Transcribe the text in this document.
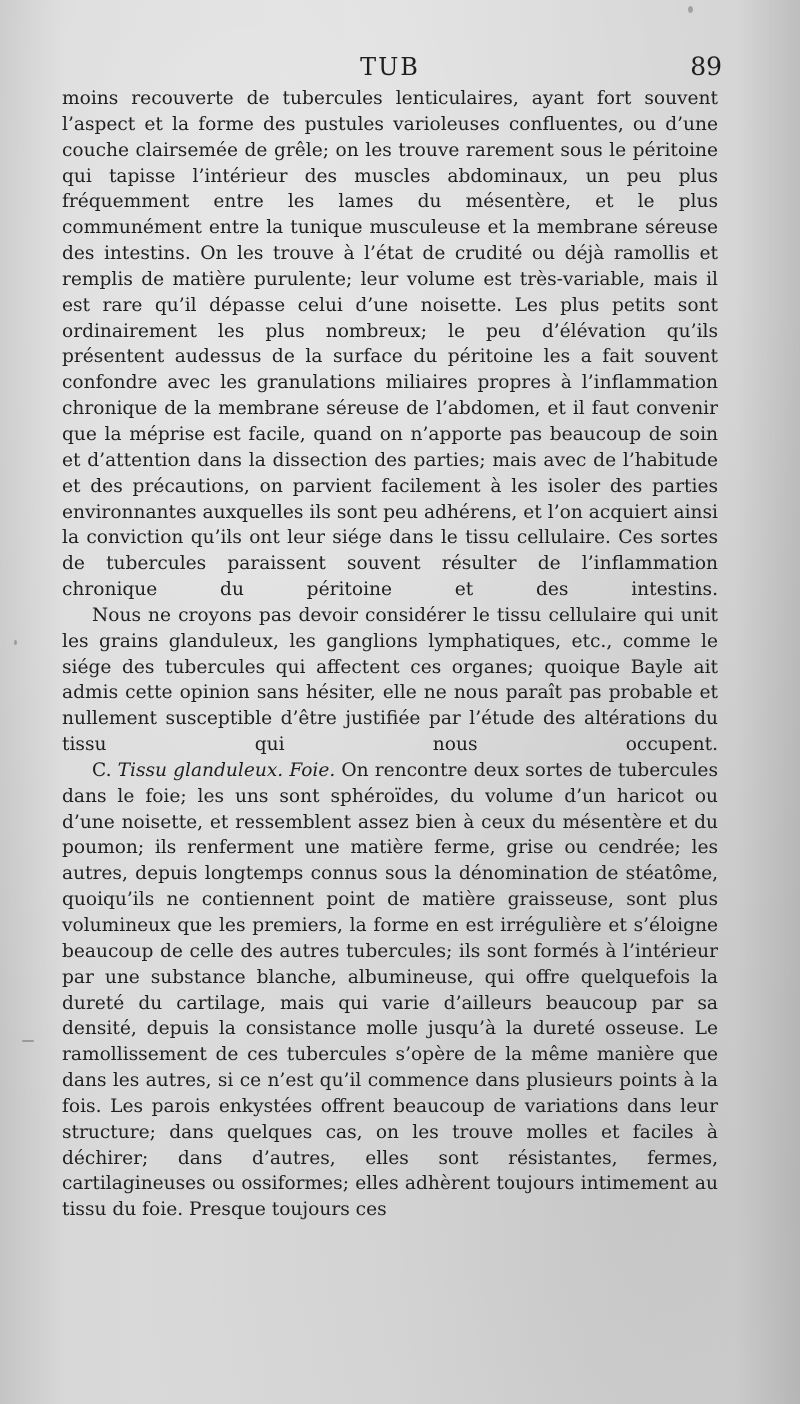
TUB	89

moins recouverte de tubercules lenticulaires, ayant fort souvent l’aspect et la forme des pustules varioleuses confluentes, ou d’une couche clairsemée de grêle; on les trouve rarement sous le péritoine qui tapisse l’intérieur des muscles abdominaux, un peu plus fréquemment entre les lames du mésentère, et le plus communément entre la tunique musculeuse et la membrane séreuse des intestins. On les trouve à l’état de crudité ou déjà ramollis et remplis de matière purulente; leur volume est très-variable, mais il est rare qu’il dépasse celui d’une noisette. Les plus petits sont ordinairement les plus nombreux; le peu d’élévation qu’ils présentent audessus de la surface du péritoine les a fait souvent confondre avec les granulations miliaires propres à l’inflammation chronique de la membrane séreuse de l’abdomen, et il faut convenir que la méprise est facile, quand on n’apporte pas beaucoup de soin et d’attention dans la dissection des parties; mais avec de l’habitude et des précautions, on parvient facilement à les isoler des parties environnantes auxquelles ils sont peu adhérens, et l’on acquiert ainsi la conviction qu’ils ont leur siége dans le tissu cellulaire. Ces sortes de tubercules paraissent souvent résulter de l’inflammation chronique du péritoine et des intestins.

Nous ne croyons pas devoir considérer le tissu cellulaire qui unit les grains glanduleux, les ganglions lymphatiques, etc., comme le siége des tubercules qui affectent ces organes; quoique Bayle ait admis cette opinion sans hésiter, elle ne nous paraît pas probable et nullement susceptible d’être justifiée par l’étude des altérations du tissu qui nous occupent.

C. Tissu glanduleux. Foie. On rencontre deux sortes de tubercules dans le foie; les uns sont sphéroïdes, du volume d’un haricot ou d’une noisette, et ressemblent assez bien à ceux du mésentère et du poumon; ils renferment une matière ferme, grise ou cendrée; les autres, depuis longtemps connus sous la dénomination de stéatôme, quoiqu’ils ne contiennent point de matière graisseuse, sont plus volumineux que les premiers, la forme en est irrégulière et s’éloigne beaucoup de celle des autres tubercules; ils sont formés à l’intérieur par une substance blanche, albumineuse, qui offre quelquefois la dureté du cartilage, mais qui varie d’ailleurs beaucoup par sa densité, depuis la consistance molle jusqu’à la dureté osseuse. Le ramollissement de ces tubercules s’opère de la même manière que dans les autres, si ce n’est qu’il commence dans plusieurs points à la fois. Les parois enkystées offrent beaucoup de variations dans leur structure; dans quelques cas, on les trouve molles et faciles à déchirer; dans d’autres, elles sont résistantes, fermes, cartilagineuses ou ossiformes; elles adhèrent toujours intimement au tissu du foie. Presque toujours ces
